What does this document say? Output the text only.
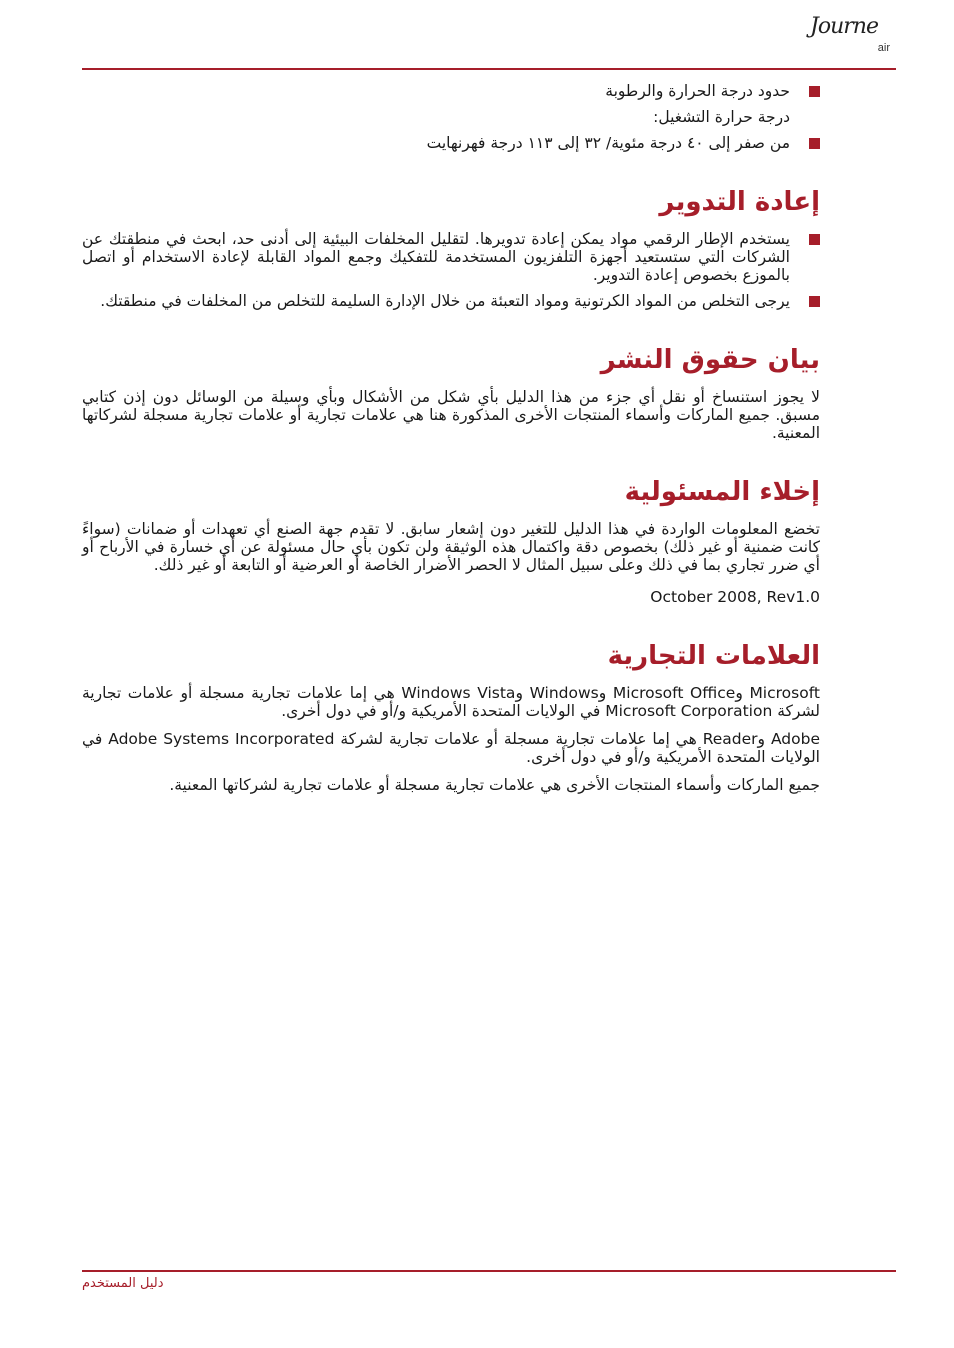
Journe
air

حدود درجة الحرارة والرطوبة

درجة حرارة التشغيل:

من صفر إلى ٤٠ درجة مئوية/ ٣٢ إلى ١١٣ درجة فهرنهايت

إعادة التدوير

يستخدم الإطار الرقمي مواد يمكن إعادة تدويرها. لتقليل المخلفات البيئية إلى أدنى حد، ابحث في منطقتك عن الشركات التي ستستعيد أجهزة التلفزيون المستخدمة للتفكيك وجمع المواد القابلة لإعادة الاستخدام أو اتصل بالموزع بخصوص إعادة التدوير.

يرجى التخلص من المواد الكرتونية ومواد التعبئة من خلال الإدارة السليمة للتخلص من المخلفات في منطقتك.

بيان حقوق النشر

لا يجوز استنساخ أو نقل أي جزء من هذا الدليل بأي شكل من الأشكال وبأي وسيلة من الوسائل دون إذن كتابي مسبق. جميع الماركات وأسماء المنتجات الأخرى المذكورة هنا هي علامات تجارية أو علامات تجارية مسجلة لشركاتها المعنية.

إخلاء المسئولية

تخضع المعلومات الواردة في هذا الدليل للتغير دون إشعار سابق. لا تقدم جهة الصنع أي تعهدات أو ضمانات (سواءً كانت ضمنية أو غير ذلك) بخصوص دقة واكتمال هذه الوثيقة ولن تكون بأي حال مسئولة عن أي خسارة في الأرباح أو أي ضرر تجاري بما في ذلك وعلى سبيل المثال لا الحصر الأضرار الخاصة أو العرضية أو التابعة أو غير ذلك.

October 2008, Rev1.0

العلامات التجارية

Microsoft وMicrosoft Office وWindows وWindows Vista هي إما علامات تجارية مسجلة أو علامات تجارية لشركة Microsoft Corporation في الولايات المتحدة الأمريكية و/أو في دول أخرى.

Adobe وReader هي إما علامات تجارية مسجلة أو علامات تجارية لشركة Adobe Systems Incorporated في الولايات المتحدة الأمريكية و/أو في دول أخرى.

جميع الماركات وأسماء المنتجات الأخرى هي علامات تجارية مسجلة أو علامات تجارية لشركاتها المعنية.

دليل المستخدم
